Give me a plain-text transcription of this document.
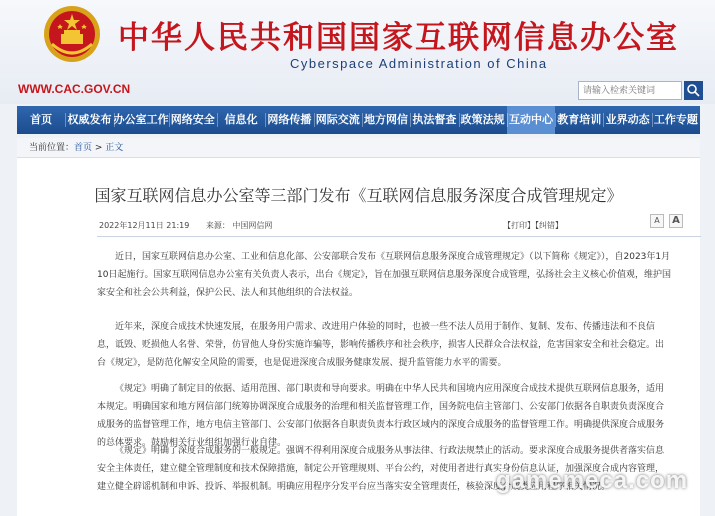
中华人民共和国国家互联网信息办公室
Cyberspace Administration of China
WWW.CAC.GOV.CN
请输入检索关键词
首页	权威发布 办公室工作 网络安全 信息化 网络传播 网际交流 地方网信 执法督查 政策法规 互动中心 教育培训 业界动态 工作专题
当前位置：首页 > 正文
国家互联网信息办公室等三部门发布《互联网信息服务深度合成管理规定》
2022年12月11日 21:19 来源： 中国网信网	【打印】【纠错】
A	A

近日，国家互联网信息办公室、工业和信息化部、公安部联合发布《互联网信息服务深度合成管理规定》（以下简称《规定》），自2023年1月10日起施行。国家互联网信息办公室有关负责人表示，出台《规定》，旨在加强互联网信息服务深度合成管理，弘扬社会主义核心价值观，维护国家安全和社会公共利益，保护公民、法人和其他组织的合法权益。

近年来，深度合成技术快速发展，在服务用户需求、改进用户体验的同时，也被一些不法人员用于制作、复制、发布、传播违法和不良信息，诋毁、贬损他人名誉、荣誉，仿冒他人身份实施诈骗等，影响传播秩序和社会秩序，损害人民群众合法权益，危害国家安全和社会稳定。出台《规定》，是防范化解安全风险的需要，也是促进深度合成服务健康发展、提升监管能力水平的需要。

《规定》明确了制定目的依据、适用范围、部门职责和导向要求。明确在中华人民共和国境内应用深度合成技术提供互联网信息服务，适用本规定。明确国家和地方网信部门统筹协调深度合成服务的治理和相关监督管理工作，国务院电信主管部门、公安部门依据各自职责负责深度合成服务的监督管理工作，地方电信主管部门、公安部门依据各自职责负责本行政区域内的深度合成服务的监督管理工作。明确提供深度合成服务的总体要求。鼓励相关行业组织加强行业自律。

《规定》明确了深度合成服务的一般规定。强调不得利用深度合成服务从事法律、行政法规禁止的活动。要求深度合成服务提供者落实信息安全主体责任，建立健全管理制度和技术保障措施，制定公开管理规则、平台公约，对使用者进行真实身份信息认证，加强深度合成内容管理，建立健全辟谣机制和申诉、投诉、举报机制。明确应用程序分发平台应当落实安全管理责任，核验深度合成类应用程序相关情况。

gamemeca.com
